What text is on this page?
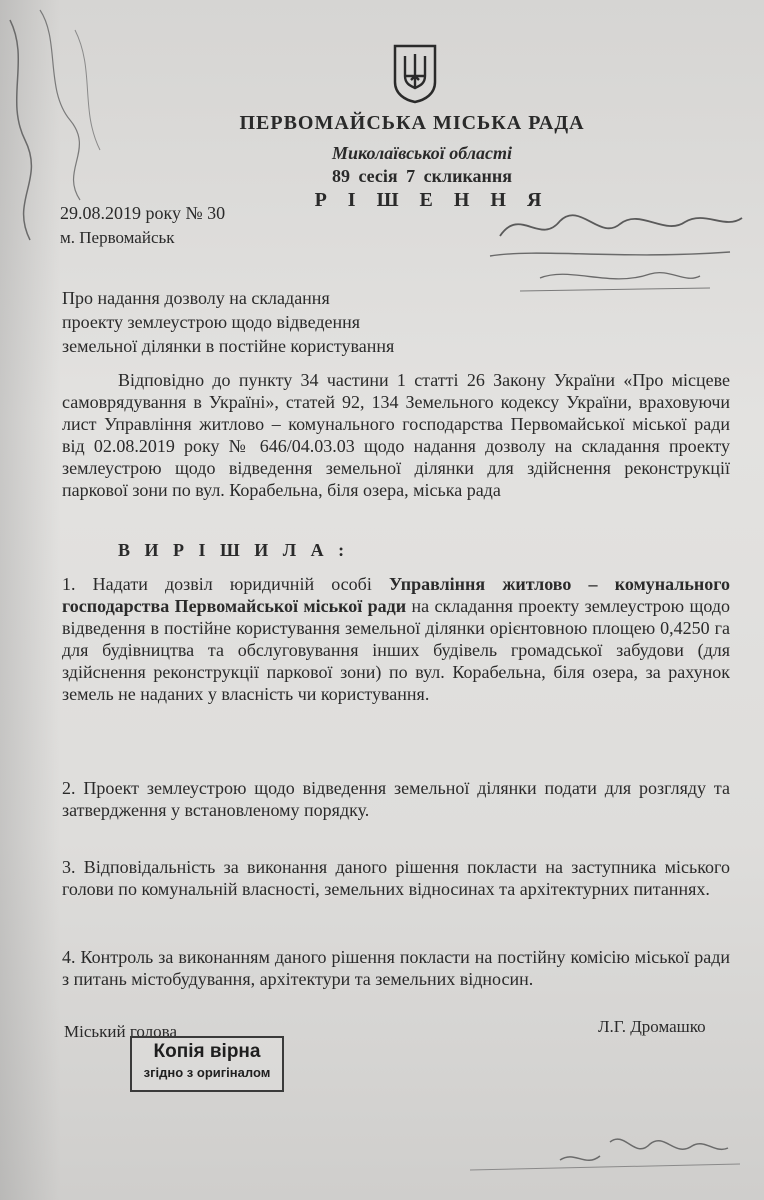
ПЕРВОМАЙСЬКА МІСЬКА РАДА
Миколаївської області
89 сесія 7 скликання
Р І Ш Е Н Н Я
29.08.2019 року № 30
м. Первомайськ
Про надання дозволу на складання
проекту землеустрою щодо відведення
земельної ділянки в постійне користування
Відповідно до пункту 34 частини 1 статті 26 Закону України «Про місцеве самоврядування в Україні», статей 92, 134 Земельного кодексу України, враховуючи лист Управління житлово – комунального господарства Первомайської міської ради від 02.08.2019 року № 646/04.03.03 щодо надання дозволу на складання проекту землеустрою щодо відведення земельної ділянки для здійснення реконструкції паркової зони по вул. Корабельна, біля озера, міська рада
В И Р І Ш И Л А :
1. Надати дозвіл юридичній особі Управління житлово – комунального господарства Первомайської міської ради на складання проекту землеустрою щодо відведення в постійне користування земельної ділянки орієнтовною площею 0,4250 га для будівництва та обслуговування інших будівель громадської забудови (для здійснення реконструкції паркової зони) по вул. Корабельна, біля озера, за рахунок земель не наданих у власність чи користування.
2. Проект землеустрою щодо відведення земельної ділянки подати для розгляду та затвердження у встановленому порядку.
3. Відповідальність за виконання даного рішення покласти на заступника міського голови по комунальній власності, земельних відносинах та архітектурних питаннях.
4. Контроль за виконанням даного рішення покласти на постійну комісію міської ради з питань містобудування, архітектури та земельних відносин.
Міський голова	Л.Г. Дромашко
Копія вірна
згідно з оригіналом
